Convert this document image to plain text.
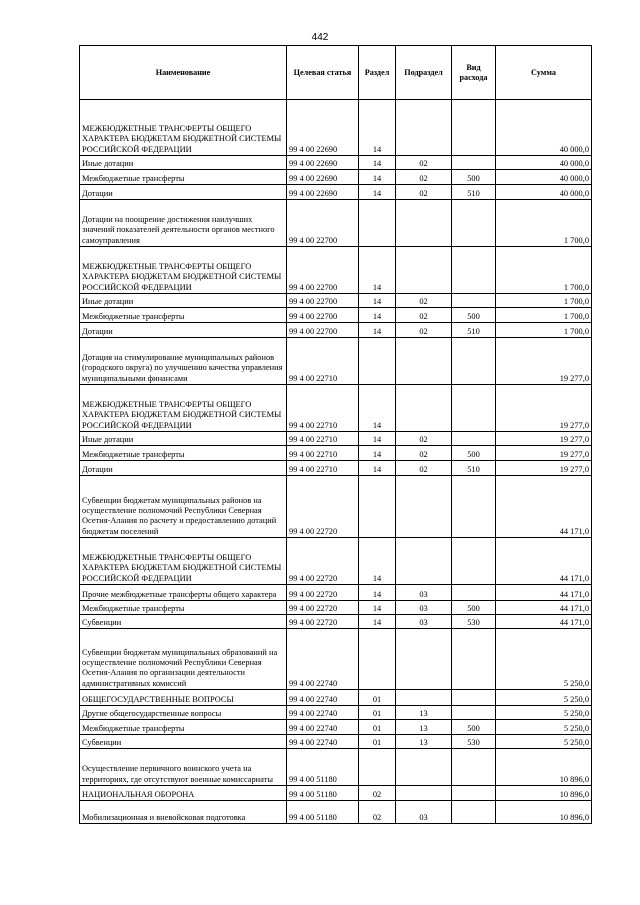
442
Наименование	Целевая статья	Раздел	Подраздел	Вид расхода	Сумма
МЕЖБЮДЖЕТНЫЕ ТРАНСФЕРТЫ ОБЩЕГО ХАРАКТЕРА БЮДЖЕТАМ БЮДЖЕТНОЙ СИСТЕМЫ РОССИЙСКОЙ ФЕДЕРАЦИИ	99 4 00 22690	14			40 000,0
Иные дотации	99 4 00 22690	14	02		40 000,0
Межбюджетные трансферты	99 4 00 22690	14	02	500	40 000,0
Дотации	99 4 00 22690	14	02	510	40 000,0
Дотации на поощрение достижения наилучших значений показателей деятельности органов местного самоуправления	99 4 00 22700				1 700,0
МЕЖБЮДЖЕТНЫЕ ТРАНСФЕРТЫ ОБЩЕГО ХАРАКТЕРА БЮДЖЕТАМ БЮДЖЕТНОЙ СИСТЕМЫ РОССИЙСКОЙ ФЕДЕРАЦИИ	99 4 00 22700	14			1 700,0
Иные дотации	99 4 00 22700	14	02		1 700,0
Межбюджетные трансферты	99 4 00 22700	14	02	500	1 700,0
Дотации	99 4 00 22700	14	02	510	1 700,0
Дотация на стимулирование муниципальных районов (городского округа) по улучшению качества управления муниципальными финансами	99 4 00 22710				19 277,0
МЕЖБЮДЖЕТНЫЕ ТРАНСФЕРТЫ ОБЩЕГО ХАРАКТЕРА БЮДЖЕТАМ БЮДЖЕТНОЙ СИСТЕМЫ РОССИЙСКОЙ ФЕДЕРАЦИИ	99 4 00 22710	14			19 277,0
Иные дотации	99 4 00 22710	14	02		19 277,0
Межбюджетные трансферты	99 4 00 22710	14	02	500	19 277,0
Дотации	99 4 00 22710	14	02	510	19 277,0
Субвенции бюджетам муниципальных районов на осуществление полномочий Республики Северная Осетия-Алания по расчету и предоставлению дотаций бюджетам поселений	99 4 00 22720				44 171,0
МЕЖБЮДЖЕТНЫЕ ТРАНСФЕРТЫ ОБЩЕГО ХАРАКТЕРА БЮДЖЕТАМ БЮДЖЕТНОЙ СИСТЕМЫ РОССИЙСКОЙ ФЕДЕРАЦИИ	99 4 00 22720	14			44 171,0
Прочие межбюджетные трансферты общего характера	99 4 00 22720	14	03		44 171,0
Межбюджетные трансферты	99 4 00 22720	14	03	500	44 171,0
Субвенции	99 4 00 22720	14	03	530	44 171,0
Субвенции бюджетам муниципальных образований на осуществление полномочий Республики Северная Осетия-Алания по организации деятельности административных комиссий	99 4 00 22740				5 250,0
ОБЩЕГОСУДАРСТВЕННЫЕ ВОПРОСЫ	99 4 00 22740	01			5 250,0
Другие общегосударственные вопросы	99 4 00 22740	01	13		5 250,0
Межбюджетные трансферты	99 4 00 22740	01	13	500	5 250,0
Субвенции	99 4 00 22740	01	13	530	5 250,0
Осуществление первичного воинского учета на территориях, где отсутствуют военные комиссариаты	99 4 00 51180				10 896,0
НАЦИОНАЛЬНАЯ ОБОРОНА	99 4 00 51180	02			10 896,0
Мобилизационная и вневойсковая подготовка	99 4 00 51180	02	03		10 896,0
